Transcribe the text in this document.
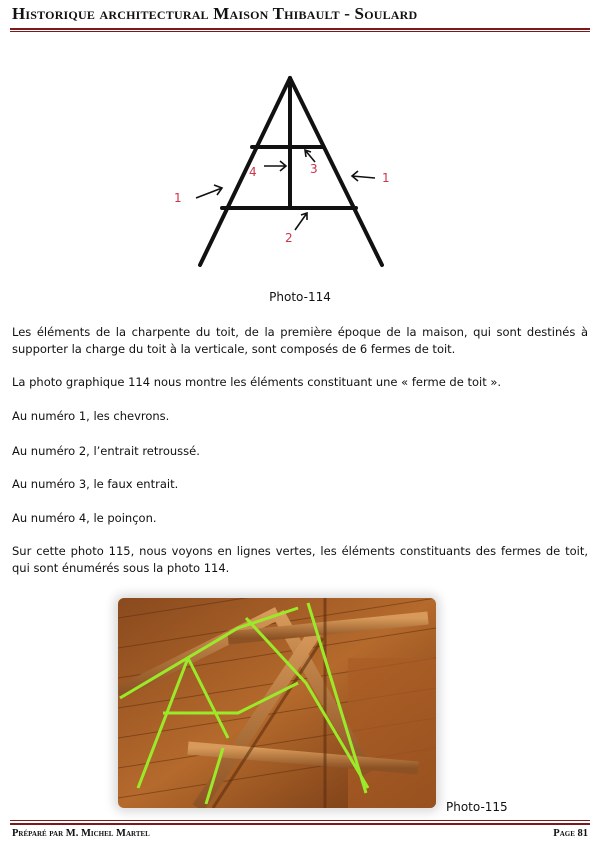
Historique architectural Maison Thibault - Soulard
1
1
2
3
4
Photo-114
Les éléments de la charpente du toit, de la première époque de la maison, qui sont destinés à supporter la charge du toit à la verticale, sont composés de 6 fermes de toit.
La photo graphique 114 nous montre les éléments constituant une « ferme de toit ».
Au numéro 1, les chevrons.
Au numéro 2, l’entrait retroussé.
Au numéro 3, le faux entrait.
Au numéro 4, le poinçon.
Sur cette photo 115, nous voyons en lignes vertes, les éléments constituants des fermes de toit, qui sont énumérés sous la photo 114.
Photo-115
Préparé par M. Michel Martel	Page 81
